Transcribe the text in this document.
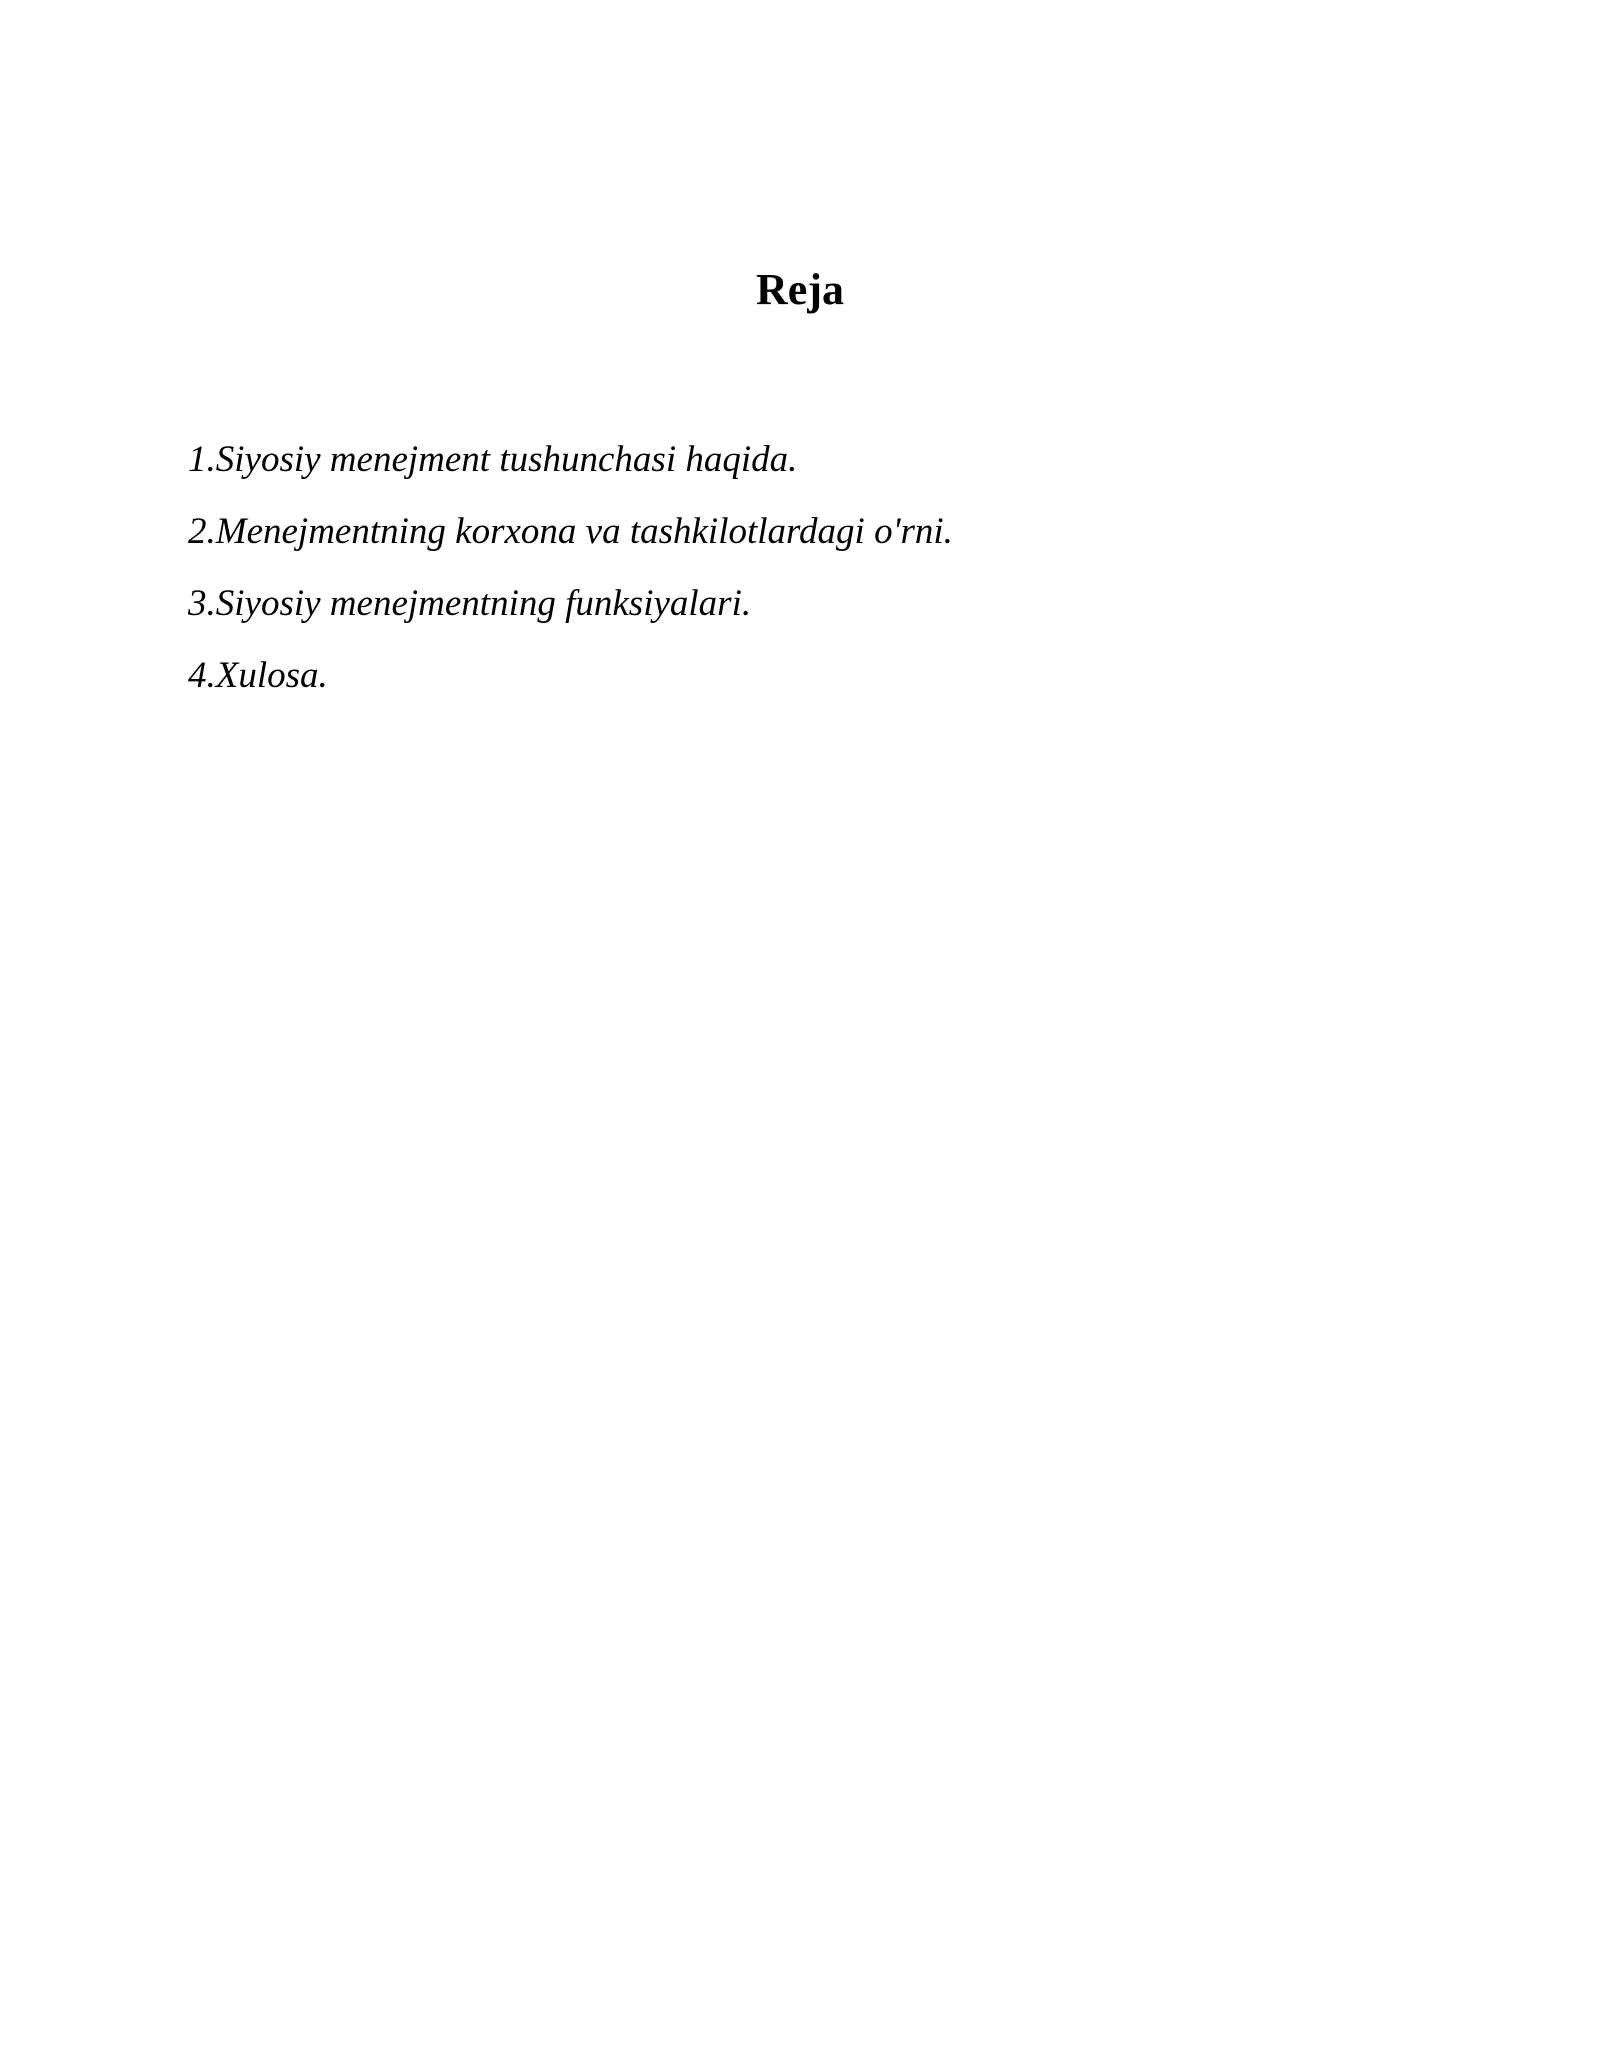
Reja
1.Siyosiy menejment tushunchasi haqida.
2.Menejmentning korxona va tashkilotlardagi o'rni.
3.Siyosiy menejmentning funksiyalari.
4.Xulosa.
